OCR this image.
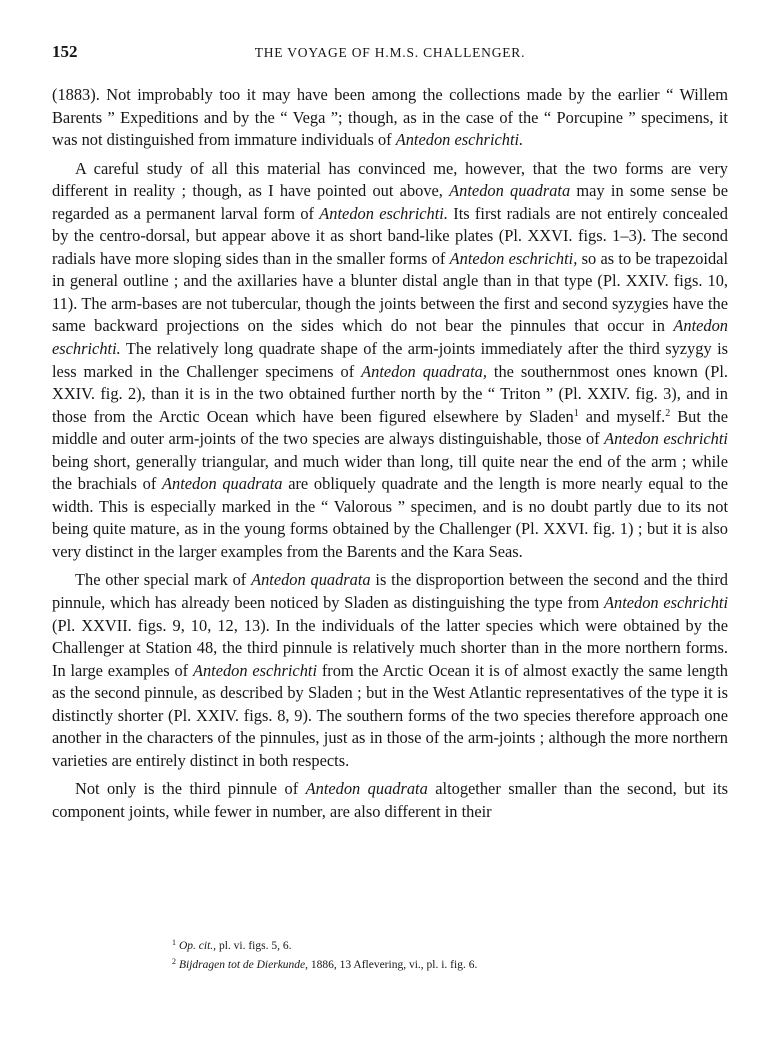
152	THE VOYAGE OF H.M.S. CHALLENGER.

(1883). Not improbably too it may have been among the collections made by the earlier “ Willem Barents ” Expeditions and by the “ Vega ”; though, as in the case of the “ Porcupine ” specimens, it was not distinguished from immature individuals of Antedon eschrichti.

A careful study of all this material has convinced me, however, that the two forms are very different in reality ; though, as I have pointed out above, Antedon quadrata may in some sense be regarded as a permanent larval form of Antedon eschrichti. Its first radials are not entirely concealed by the centro-dorsal, but appear above it as short band-like plates (Pl. XXVI. figs. 1–3). The second radials have more sloping sides than in the smaller forms of Antedon eschrichti, so as to be trapezoidal in general outline ; and the axillaries have a blunter distal angle than in that type (Pl. XXIV. figs. 10, 11). The arm-bases are not tubercular, though the joints between the first and second syzygies have the same backward projections on the sides which do not bear the pinnules that occur in Antedon eschrichti. The relatively long quadrate shape of the arm-joints immediately after the third syzygy is less marked in the Challenger specimens of Antedon quadrata, the southernmost ones known (Pl. XXIV. fig. 2), than it is in the two obtained further north by the “ Triton ” (Pl. XXIV. fig. 3), and in those from the Arctic Ocean which have been figured elsewhere by Sladen$^1$ and myself.$^2$ But the middle and outer arm-joints of the two species are always distinguishable, those of Antedon eschrichti being short, generally triangular, and much wider than long, till quite near the end of the arm ; while the brachials of Antedon quadrata are obliquely quadrate and the length is more nearly equal to the width. This is especially marked in the “ Valorous ” specimen, and is no doubt partly due to its not being quite mature, as in the young forms obtained by the Challenger (Pl. XXVI. fig. 1) ; but it is also very distinct in the larger examples from the Barents and the Kara Seas.

The other special mark of Antedon quadrata is the disproportion between the second and the third pinnule, which has already been noticed by Sladen as distinguishing the type from Antedon eschrichti (Pl. XXVII. figs. 9, 10, 12, 13). In the individuals of the latter species which were obtained by the Challenger at Station 48, the third pinnule is relatively much shorter than in the more northern forms. In large examples of Antedon eschrichti from the Arctic Ocean it is of almost exactly the same length as the second pinnule, as described by Sladen ; but in the West Atlantic representatives of the type it is distinctly shorter (Pl. XXIV. figs. 8, 9). The southern forms of the two species therefore approach one another in the characters of the pinnules, just as in those of the arm-joints ; although the more northern varieties are entirely distinct in both respects.

Not only is the third pinnule of Antedon quadrata altogether smaller than the second, but its component joints, while fewer in number, are also different in their

$^1$ Op. cit., pl. vi. figs. 5, 6.
$^2$ Bijdragen tot de Dierkunde, 1886, 13 Aflevering, vi., pl. i. fig. 6.
